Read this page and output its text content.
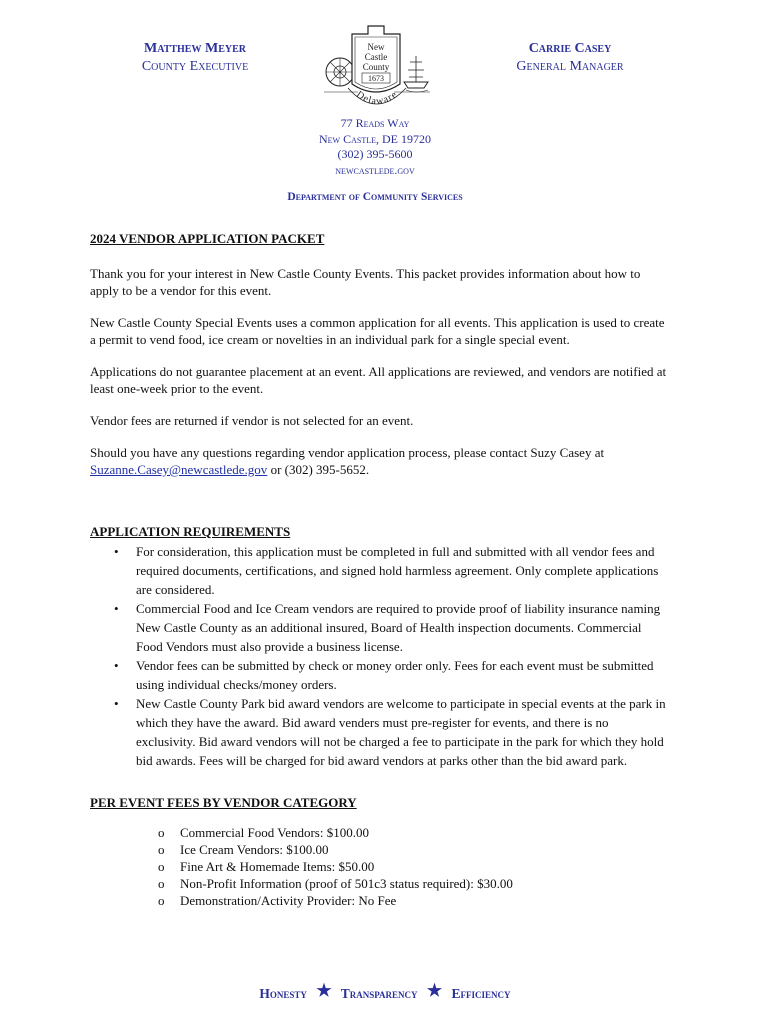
Matthew Meyer
County Executive
New
Castle
County
1673
Delaware
Carrie Casey
General Manager
77 Reads Way
New Castle, DE 19720
(302) 395-5600
newcastlede.gov
Department of Community Services
2024 VENDOR APPLICATION PACKET

Thank you for your interest in New Castle County Events. This packet provides information about how to apply to be a vendor for this event.

New Castle County Special Events uses a common application for all events. This application is used to create a permit to vend food, ice cream or novelties in an individual park for a single special event.

Applications do not guarantee placement at an event. All applications are reviewed, and vendors are notified at least one-week prior to the event.

Vendor fees are returned if vendor is not selected for an event.

Should you have any questions regarding vendor application process, please contact Suzy Casey at Suzanne.Casey@newcastlede.gov or (302) 395-5652.

APPLICATION REQUIREMENTS
• For consideration, this application must be completed in full and submitted with all vendor fees and required documents, certifications, and signed hold harmless agreement. Only complete applications are considered.
• Commercial Food and Ice Cream vendors are required to provide proof of liability insurance naming New Castle County as an additional insured, Board of Health inspection documents. Commercial Food Vendors must also provide a business license.
• Vendor fees can be submitted by check or money order only. Fees for each event must be submitted using individual checks/money orders.
• New Castle County Park bid award vendors are welcome to participate in special events at the park in which they have the award. Bid award venders must pre-register for events, and there is no exclusivity. Bid award vendors will not be charged a fee to participate in the park for which they hold bid awards. Fees will be charged for bid award vendors at parks other than the bid award park.
PER EVENT FEES BY VENDOR CATEGORY
o Commercial Food Vendors: $100.00
o Ice Cream Vendors: $100.00
o Fine Art & Homemade Items: $50.00
o Non-Profit Information (proof of 501c3 status required): $30.00
o Demonstration/Activity Provider: No Fee
Honesty ★ Transparency ★ Efficiency
